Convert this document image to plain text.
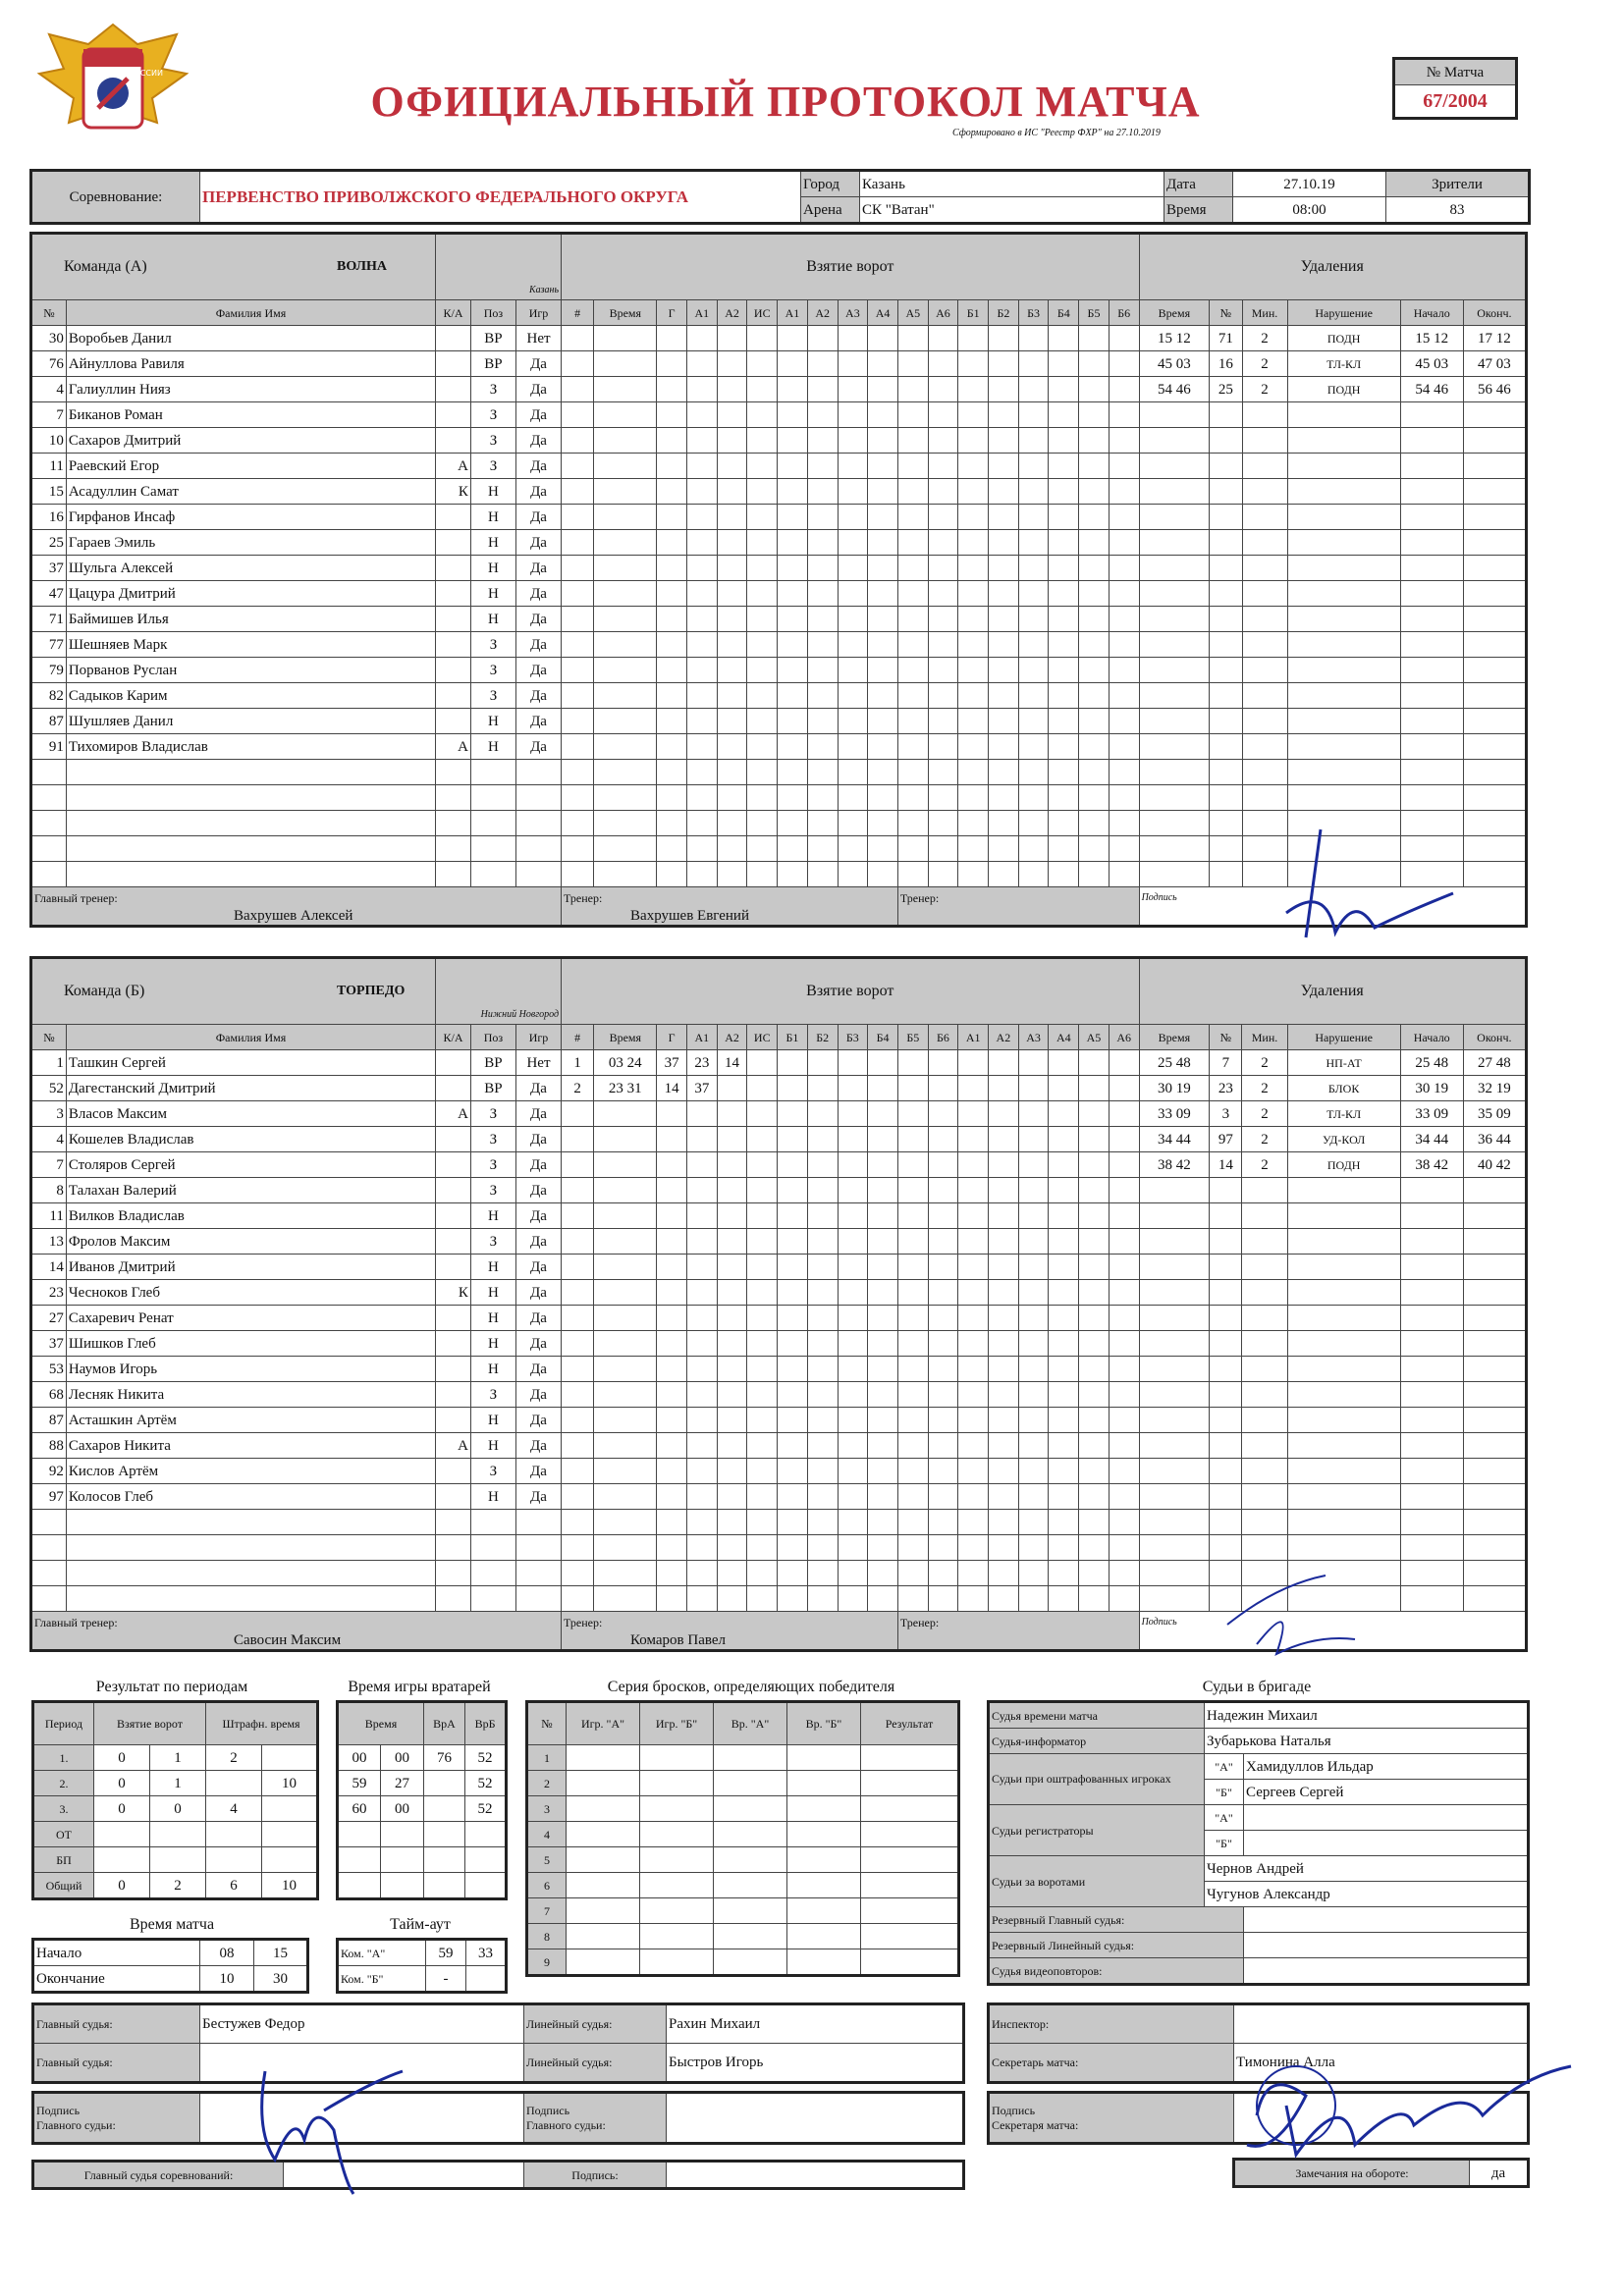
ХОККЕЙ РОССИИ
ОФИЦИАЛЬНЫЙ ПРОТОКОЛ МАТЧА
Сформировано в ИС "Реестр ФХР" на 27.10.2019
№ Матча
67/2004
Соревнование:	ПЕРВЕНСТВО ПРИВОЛЖСКОГО ФЕДЕРАЛЬНОГО ОКРУГА	Город	Казань	Дата	27.10.19	Зрители
		Арена	СК "Ватан"	Время	08:00	83
Команда (А) ВОЛНА		Казань			Взятие ворот																		Удаления					
№	Фамилия Имя	К/А	Поз	Игр	#	Время	Г	А1	А2	ИС	А1	А2	А3	А4	А5	А6	Б1	Б2	Б3	Б4	Б5	Б6	Время	№	Мин.	Нарушение	Начало	Оконч.
30	Воробьев Данил		ВР	Нет																			15 12	71	2	ПОДН	15 12	17 12
76	Айнуллова Равиля		ВР	Да																			45 03	16	2	ТЛ-КЛ	45 03	47 03
4	Галиуллин Нияз		З	Да																			54 46	25	2	ПОДН	54 46	56 46
7	Биканов Роман		З	Да																								
10	Сахаров Дмитрий		З	Да																								
11	Раевский Егор	А	З	Да																								
15	Асадуллин Самат	К	Н	Да																								
16	Гирфанов Инсаф		Н	Да																								
25	Гараев Эмиль		Н	Да																								
37	Шульга Алексей		Н	Да																								
47	Цацура Дмитрий		Н	Да																								
71	Баймишев Илья		Н	Да																								
77	Шешняев Марк		З	Да																								
79	Порванов Руслан		З	Да																								
82	Садыков Карим		З	Да																								
87	Шушляев Данил		Н	Да																								
91	Тихомиров Владислав	А	Н	Да																								

Главный тренер:
Вахрушев Алексей					Тренер:
Вахрушев Евгений										Тренер:								Подпись					
Команда (Б) ТОРПЕДО		Нижний Новгород			Взятие ворот																		Удаления					
№	Фамилия Имя	К/А	Поз	Игр	#	Время	Г	А1	А2	ИС	Б1	Б2	Б3	Б4	Б5	Б6	А1	А2	А3	А4	А5	А6	Время	№	Мин.	Нарушение	Начало	Оконч.
1	Ташкин Сергей		ВР	Нет	1	03 24	37	23	14														25 48	7	2	НП-АТ	25 48	27 48
52	Дагестанский Дмитрий		ВР	Да	2	23 31	14	37															30 19	23	2	БЛОК	30 19	32 19
3	Власов Максим	А	З	Да																			33 09	3	2	ТЛ-КЛ	33 09	35 09
4	Кошелев Владислав		З	Да																			34 44	97	2	УД-КОЛ	34 44	36 44
7	Столяров Сергей		З	Да																			38 42	14	2	ПОДН	38 42	40 42
8	Талахан Валерий		З	Да																								
11	Вилков Владислав		Н	Да																								
13	Фролов Максим		З	Да																								
14	Иванов Дмитрий		Н	Да																								
23	Чесноков Глеб	К	Н	Да																								
27	Сахаревич Ренат		Н	Да																								
37	Шишков Глеб		Н	Да																								
53	Наумов Игорь		Н	Да																								
68	Лесняк Никита		З	Да																								
87	Асташкин Артём		Н	Да																								
88	Сахаров Никита	А	Н	Да																								
92	Кислов Артём		З	Да																								
97	Колосов Глеб		Н	Да																								

Главный тренер:
Савосин Максим					Тренер:
Комаров Павел										Тренер:								Подпись					
Результат по периодам
Период	Взятие ворот		Штрафн. время	
1.	0	1	2	
2.	0	1		10
3.	0	0	4	
ОТ				
БП				
Общий	0	2	6	10
Время игры вратарей
Время		ВрА	ВрБ
00	00	76	52
59	27		52
60	00		52

Время матча
Начало	08	15
Окончание	10	30
Тайм-аут
Ком. "А"	59	33
Ком. "Б"	-	
Серия бросков, определяющих победителя
№	Игр. "А"	Игр. "Б"	Вр. "А"	Вр. "Б"	Результат
1					
2					
3					
4					
5					
6					
7					
8					
9					
Судьи в бригаде
Судья времени матча	Надежин Михаил	
Судья-информатор	Зубарькова Наталья	
Судьи при оштрафованных игроках	"А"	Хамидуллов Ильдар
	"Б"	Сергеев Сергей
Судьи регистраторы	"А"	
	"Б"	
Судьи за воротами	Чернов Андрей	
	Чугунов Александр	
Резервный Главный судья:		
Резервный Линейный судья:		
Судья видеоповторов:		
Главный судья:	Бестужев Федор	Линейный судья:	Рахин Михаил
Главный судья:		Линейный судья:	Быстров Игорь
Подпись
Главного судьи:		Подпись
Главного судьи:	
Главный судья соревнований:		Подпись:	
Инспектор:	
Секретарь матча:	Тимонина Алла
Подпись
Секретаря матча:	
Замечания на обороте:	да
